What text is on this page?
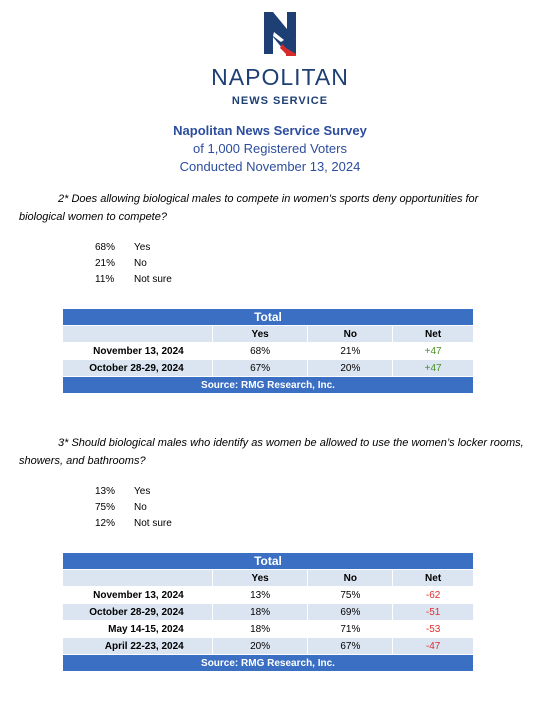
NAPOLITAN
NEWS SERVICE
Napolitan News Service Survey
of 1,000 Registered Voters
Conducted November 13, 2024
2* Does allowing biological males to compete in women's sports deny opportunities for
biological women to compete?
68%	Yes
21%	No
11%	Not sure
Total			
	Yes	No	Net
November 13, 2024	68%	21%	+47
October 28-29, 2024	67%	20%	+47
Source: RMG Research, Inc.			
3* Should biological males who identify as women be allowed to use the women’s locker rooms,
showers, and bathrooms?
13%	Yes
75%	No
12%	Not sure
Total			
	Yes	No	Net
November 13, 2024	13%	75%	-62
October 28-29, 2024	18%	69%	-51
May 14-15, 2024	18%	71%	-53
April 22-23, 2024	20%	67%	-47
Source: RMG Research, Inc.			
